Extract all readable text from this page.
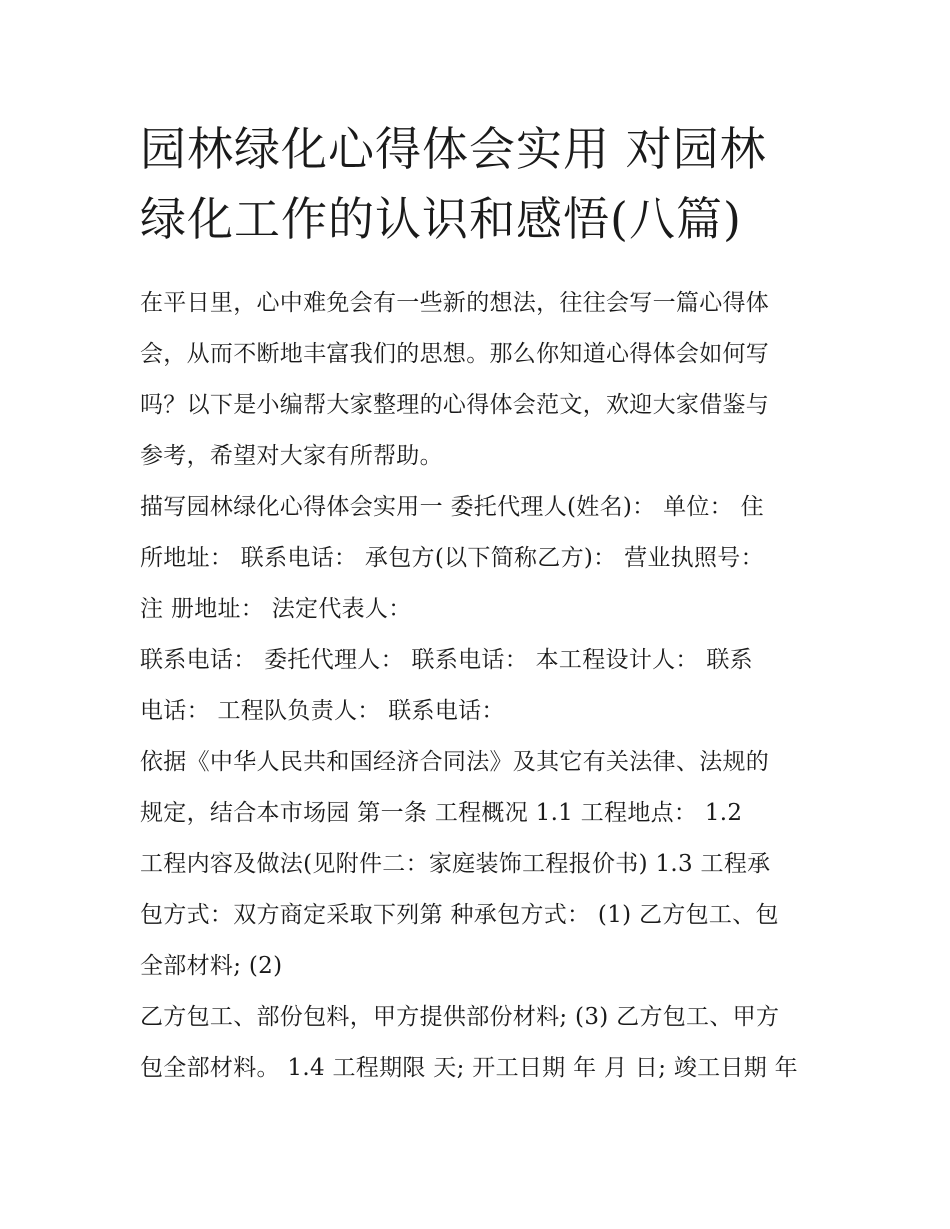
园林绿化心得体会实用 对园林
绿化工作的认识和感悟(八篇)
在平日里，心中难免会有一些新的想法，往往会写一篇心得体
会，从而不断地丰富我们的思想。那么你知道心得体会如何写
吗？以下是小编帮大家整理的心得体会范文，欢迎大家借鉴与
参考，希望对大家有所帮助。
描写园林绿化心得体会实用一 委托代理人(姓名)： 单位： 住
所地址： 联系电话： 承包方(以下简称乙方)： 营业执照号：
注 册地址： 法定代表人：
联系电话： 委托代理人： 联系电话： 本工程设计人： 联系
电话： 工程队负责人： 联系电话：
依据《中华人民共和国经济合同法》及其它有关法律、法规的
规定，结合本市场园 第一条 工程概况 1.1 工程地点： 1.2
工程内容及做法(见附件二：家庭装饰工程报价书) 1.3 工程承
包方式：双方商定采取下列第 种承包方式： (1) 乙方包工、包
全部材料; (2)
乙方包工、部份包料，甲方提供部份材料; (3) 乙方包工、甲方
包全部材料。 1.4 工程期限 天; 开工日期 年 月 日; 竣工日期 年
